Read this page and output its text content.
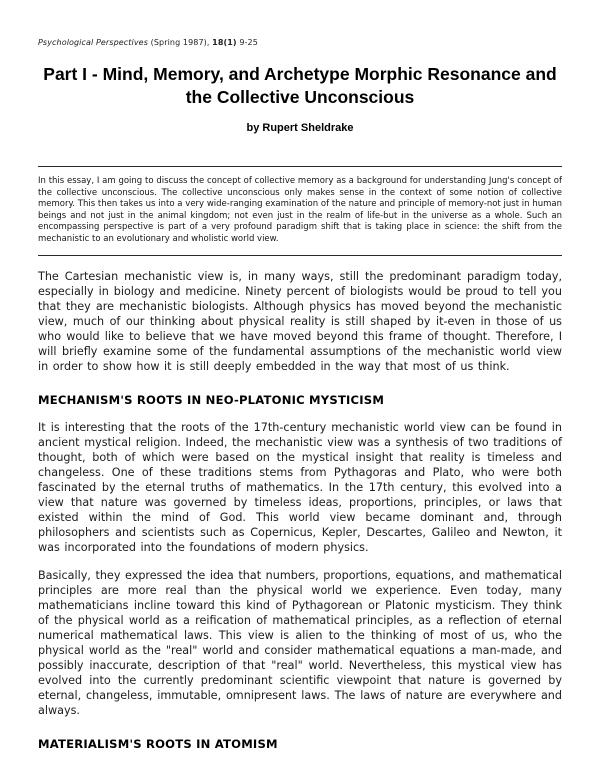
Psychological Perspectives (Spring 1987), 18(1) 9-25

Part I - Mind, Memory, and Archetype Morphic Resonance and
the Collective Unconscious

by Rupert Sheldrake

In this essay, I am going to discuss the concept of collective memory as a background for understanding Jung's concept of the collective unconscious. The collective unconscious only makes sense in the context of some notion of collective memory. This then takes us into a very wide-ranging examination of the nature and principle of memory-not just in human beings and not just in the animal kingdom; not even just in the realm of life-but in the universe as a whole. Such an encompassing perspective is part of a very profound paradigm shift that is taking place in science: the shift from the mechanistic to an evolutionary and wholistic world view.

The Cartesian mechanistic view is, in many ways, still the predominant paradigm today, especially in biology and medicine. Ninety percent of biologists would be proud to tell you that they are mechanistic biologists. Although physics has moved beyond the mechanistic view, much of our thinking about physical reality is still shaped by it-even in those of us who would like to believe that we have moved beyond this frame of thought. Therefore, I will briefly examine some of the fundamental assumptions of the mechanistic world view in order to show how it is still deeply embedded in the way that most of us think.

MECHANISM'S ROOTS IN NEO-PLATONIC MYSTICISM

It is interesting that the roots of the 17th-century mechanistic world view can be found in ancient mystical religion. Indeed, the mechanistic view was a synthesis of two traditions of thought, both of which were based on the mystical insight that reality is timeless and changeless. One of these traditions stems from Pythagoras and Plato, who were both fascinated by the eternal truths of mathematics. In the 17th century, this evolved into a view that nature was governed by timeless ideas, proportions, principles, or laws that existed within the mind of God. This world view became dominant and, through philosophers and scientists such as Copernicus, Kepler, Descartes, Galileo and Newton, it was incorporated into the foundations of modern physics.

Basically, they expressed the idea that numbers, proportions, equations, and mathematical principles are more real than the physical world we experience. Even today, many mathematicians incline toward this kind of Pythagorean or Platonic mysticism. They think of the physical world as a reification of mathematical principles, as a reflection of eternal numerical mathematical laws. This view is alien to the thinking of most of us, who the physical world as the "real" world and consider mathematical equations a man-made, and possibly inaccurate, description of that "real" world. Nevertheless, this mystical view has evolved into the currently predominant scientific viewpoint that nature is governed by eternal, changeless, immutable, omnipresent laws. The laws of nature are everywhere and always.

MATERIALISM'S ROOTS IN ATOMISM
